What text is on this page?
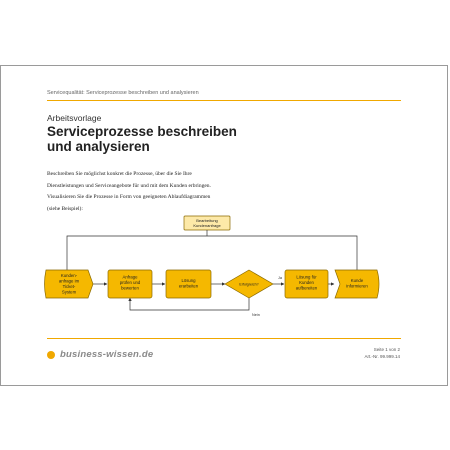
Servicequalität: Serviceprozesse beschreiben und analysieren
Arbeitsvorlage
Serviceprozesse beschreiben
und analysieren
Beschreiben Sie möglichst konkret die Prozesse, über die Sie Ihre
Dienstleistungen und Serviceangebote für und mit dem Kunden erbringen.
Visualisieren Sie die Prozesse in Form von geeigneten Ablaufdiagrammen
(siehe Beispiel):
Bearbeitung
Kundenanfrage
Kunden-
anfrage im
Ticket-
System
Anfrage
prüfen und
bewerten
Lösung
erarbeiten	Erfolgreich?
Ja
Nein
Lösung für
Kunden
aufbereiten
Kunde
informieren
business-wissen.de	Seite 1 von 2
Art.-Nr. 99.999.14
